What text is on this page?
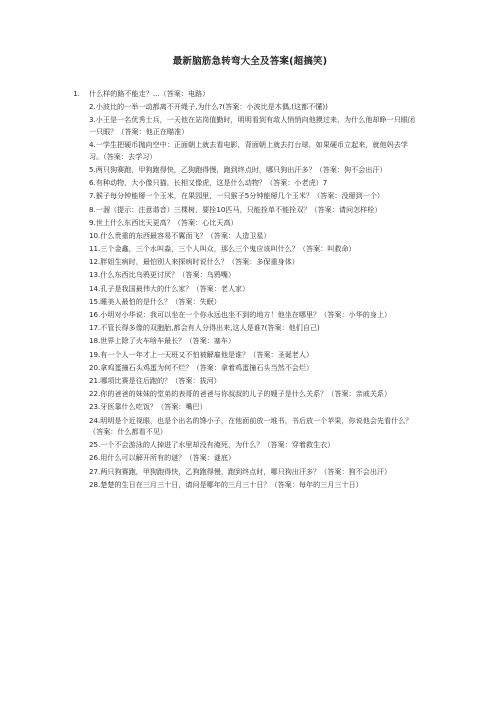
最新脑筋急转弯大全及答案(超搞笑)
1. 什么样的路不能走？...（答案：电路）
2.小波比的一举一动都离不开绳子,为什么?(答案：小波比是木偶,(这都不懂))
3.小王是一名优秀士兵，一天他在站岗值勤时，明明看到有敌人悄悄向他摸过来，为什么他却睁一只眼闭一只眼？（答案：他正在瞄准）
4.一学生把硬币抛向空中：正面朝上就去看电影，背面朝上就去打台球，如果硬币立起来，就他妈去学习。（答案：去学习）
5.两只狗赛跑，甲狗跑得快，乙狗跑得慢，跑到终点时，哪只狗出汗多？（答案：狗不会出汗）
6.有种动物，大小像只猫，长相又像虎，这是什么动物？（答案：小老虎）7
7.猴子每分钟能掰一个玉米，在果园里，一只猴子5分钟能掰几个玉米？（答案：没掰到一个）
8.一溜（提示：注意谐音）三棵树，要拴10匹马，只能拴单不能拴双？（答案：请问怎样栓）
9.世上什么东西比天更高？（答案：心比天高）
10.什么贵重的东西最容易不翼而飞？（答案：人造卫星）
11.三个金鑫，三个水叫淼，三个人叫众，那么三个鬼应该叫什么？（答案：叫救命）
12.胖姐生病时，最怕别人来探病时说什么？（答案：多保重身体）
13.什么东西比乌鸦更讨厌？（答案：乌鸦嘴）
14.孔子是我国最伟大的什么家？（答案：老人家）
15.睡美人最怕的是什么？（答案：失眠）
16.小明对小华说：我可以坐在一个你永远也坐不到的地方！他坐在哪里？（答案：小华的身上）
17.不管长得多像的双胞胎,都会有人分得出来,这人是谁?(答案：他们自己)
18.世界上除了火车啥车最长？（答案：塞车）
19.有一个人一年才上一天班又不怕被解雇他是谁？（答案：圣诞老人）
20.拿鸡蛋撞石头鸡蛋为何不烂？（答案：拿着鸡蛋撞石头当然不会烂）
21.哪项比赛是往后跑的？（答案：拔河）
22.你的爸爸的妹妹的堂弟的表哥的爸爸与你叔叔的儿子的嫂子是什么关系？（答案：亲戚关系）
23.牙医靠什么吃饭？（答案：嘴巴）
24.明明是个近视眼，也是个出名的馋小子，在他面前放一堆书，书后放一个苹果，你说他会先看什么？（答案：什么都看不见）
25.一个不会游泳的人掉进了水里却没有淹死，为什么？（答案：穿着救生衣）
26.用什么可以解开所有的谜？（答案：谜底）
27.两只狗赛跑，甲狗跑得快，乙狗跑得慢，跑到终点时，哪只狗出汗多？（答案：狗不会出汗）
28.楚楚的生日在三月三十日，请问是哪年的三月三十日？（答案：每年的三月三十日）
